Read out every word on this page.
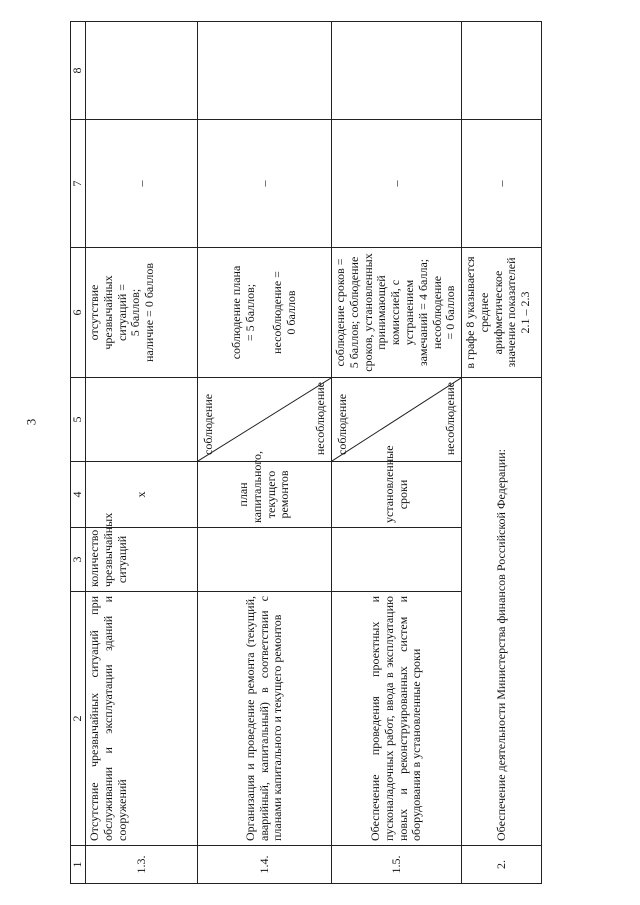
3
1	2	3	4	5	6	7	8
1.3.	Отсутствие чрезвычайных ситуаций при обслуживании и эксплуатации зданий и сооружений	количество чрезвычайных ситуаций	x		отсутствие чрезвычайных ситуаций =
5 баллов;
наличие = 0 баллов	–	
1.4.	Организация и проведение ремонта (текущий, аварийный, капитальный) в соответствии с планами капитального и текущего ремонтов		план капитального, текущего ремонтов	соблюдение несоблюдение	соблюдение плана
= 5 баллов;

несоблюдение =
0 баллов	–	
1.5.	Обеспечение проведения проектных и пусконаладочных работ, ввода в эксплуатацию новых и реконструированных систем и оборудования в установленные сроки		установленные сроки	соблюдение несоблюдение	соблюдение сроков =
5 баллов; соблюдение сроков, установленных принимающей комиссией, с устранением замечаний = 4 балла;
несоблюдение
= 0 баллов	–	
2.	Обеспечение деятельности Министерства финансов Российской Федерации:				в графе 8 указывается среднее арифметическое значение показателей 2.1 – 2.3	–	
